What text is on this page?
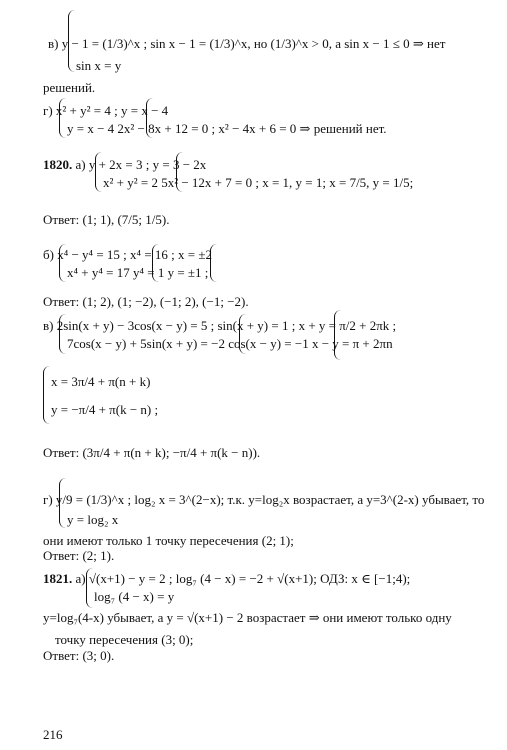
в) y − 1 = (1/3)^x ; sin x − 1 = (1/3)^x, но (1/3)^x > 0, а sin x − 1 ≤ 0 ⇒ нет
sin x = y
решений.
г) x² + y² = 4 ; y = x − 4
y = x − 4 2x² − 8x + 12 = 0 ; x² − 4x + 6 = 0 ⇒ решений нет.
1820. а) y + 2x = 3 ; y = 3 − 2x
x² + y² = 2 5x² − 12x + 7 = 0 ; x = 1, y = 1; x = 7/5, y = 1/5;
Ответ: (1; 1), (7/5; 1/5).
б) x⁴ − y⁴ = 15 ; x⁴ = 16 ; x = ±2
x⁴ + y⁴ = 17 y⁴ = 1 y = ±1 ;
Ответ: (1; 2), (1; −2), (−1; 2), (−1; −2).
в) 2sin(x + y) − 3cos(x − y) = 5 ; sin(x + y) = 1 ; x + y = π/2 + 2πk ;
7cos(x − y) + 5sin(x + y) = −2 cos(x − y) = −1 x − y = π + 2πn
x = 3π/4 + π(n + k)
y = −π/4 + π(k − n) ;
Ответ: (3π/4 + π(n + k); −π/4 + π(k − n)).
г) y/9 = (1/3)^x ; log₂ x = 3^(2−x); т.к. y=log₂x возрастает, а y=3^(2-x) убывает, то
y = log₂ x
они имеют только 1 точку пересечения (2; 1);
Ответ: (2; 1).
1821. а) √(x+1) − y = 2 ; log₇ (4 − x) = −2 + √(x+1); ОДЗ: x ∈ [−1;4);
log₇ (4 − x) = y
y=log₇(4-x) убывает, а y = √(x+1) − 2 возрастает ⇒ они имеют только одну
точку пересечения (3; 0);
Ответ: (3; 0).
216
